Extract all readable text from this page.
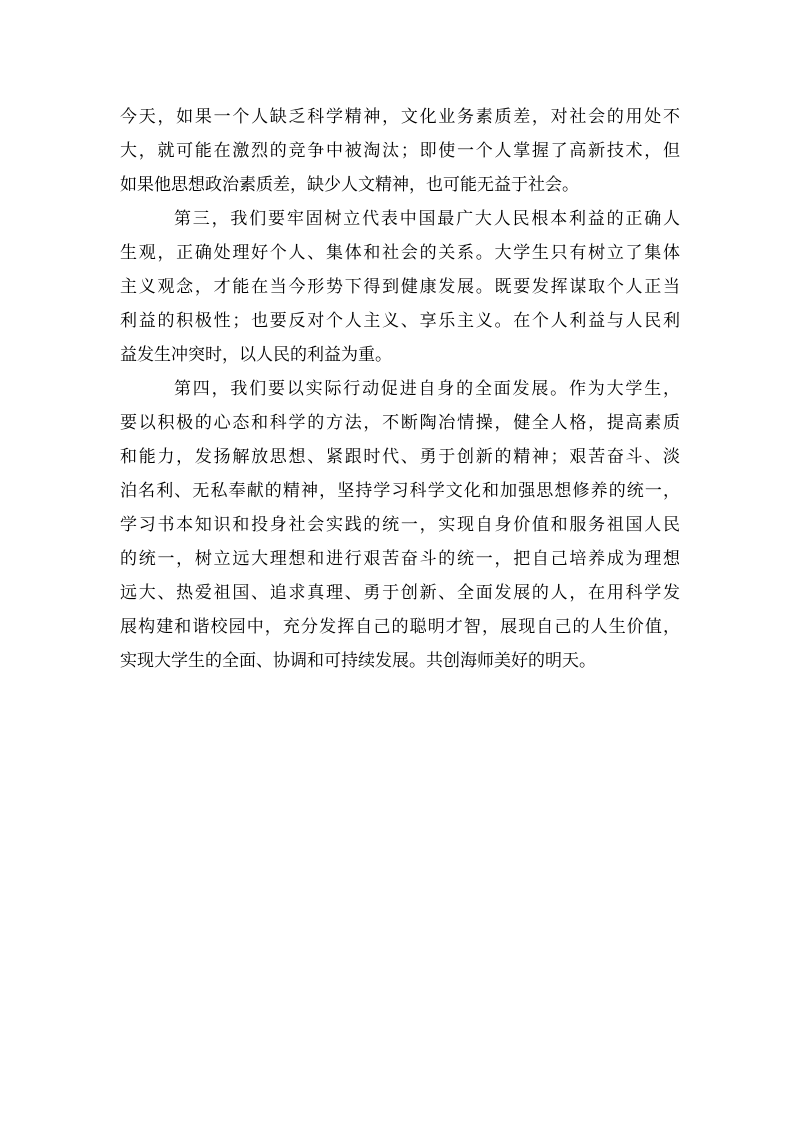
今天，如果一个人缺乏科学精神，文化业务素质差，对社会的用处不
大，就可能在激烈的竞争中被淘汰；即使一个人掌握了高新技术，但
如果他思想政治素质差，缺少人文精神，也可能无益于社会。
第三，我们要牢固树立代表中国最广大人民根本利益的正确人
生观，正确处理好个人、集体和社会的关系。大学生只有树立了集体
主义观念，才能在当今形势下得到健康发展。既要发挥谋取个人正当
利益的积极性；也要反对个人主义、享乐主义。在个人利益与人民利
益发生冲突时，以人民的利益为重。
第四，我们要以实际行动促进自身的全面发展。作为大学生，
要以积极的心态和科学的方法，不断陶冶情操，健全人格，提高素质
和能力，发扬解放思想、紧跟时代、勇于创新的精神；艰苦奋斗、淡
泊名利、无私奉献的精神，坚持学习科学文化和加强思想修养的统一，
学习书本知识和投身社会实践的统一，实现自身价值和服务祖国人民
的统一，树立远大理想和进行艰苦奋斗的统一，把自己培养成为理想
远大、热爱祖国、追求真理、勇于创新、全面发展的人，在用科学发
展构建和谐校园中，充分发挥自己的聪明才智，展现自己的人生价值，
实现大学生的全面、协调和可持续发展。共创海师美好的明天。
